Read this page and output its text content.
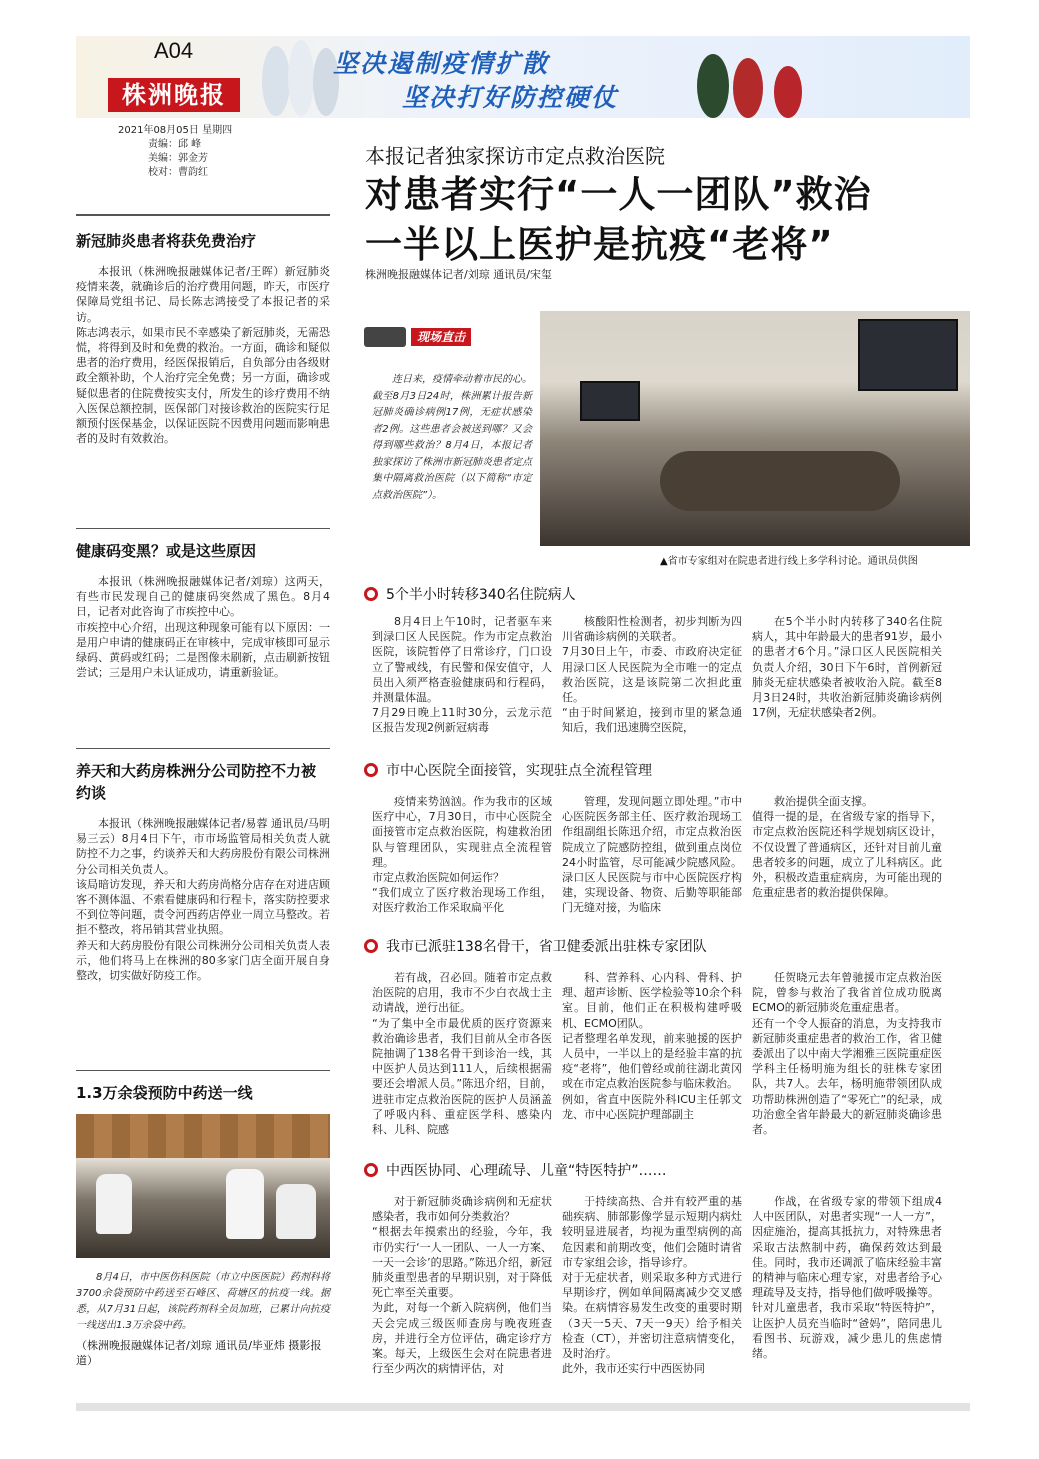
A04
株洲晚报
坚决遏制疫情扩散
坚决打好防控硬仗
2021年08月05日 星期四
责编：邱 峰
美编：郭金芳
校对：曹韵红
本报记者独家探访市定点救治医院
对患者实行“一人一团队”救治
一半以上医护是抗疫“老将”
株洲晚报融媒体记者/刘琼 通讯员/宋玺
新冠肺炎患者将获免费治疗
本报讯（株洲晚报融媒体记者/王晖）新冠肺炎疫情来袭，就确诊后的治疗费用问题，昨天，市医疗保障局党组书记、局长陈志鸿接受了本报记者的采访。
陈志鸿表示，如果市民不幸感染了新冠肺炎，无需恐慌，将得到及时和免费的救治。一方面，确诊和疑似患者的治疗费用，经医保报销后，自负部分由各级财政全额补助，个人治疗完全免费；另一方面，确诊或疑似患者的住院费按实支付，所发生的诊疗费用不纳入医保总额控制，医保部门对接诊救治的医院实行足额预付医保基金，以保证医院不因费用问题而影响患者的及时有效救治。
健康码变黑？或是这些原因
本报讯（株洲晚报融媒体记者/刘琼）这两天，有些市民发现自己的健康码突然成了黑色。8月4日，记者对此咨询了市疾控中心。
市疾控中心介绍，出现这种现象可能有以下原因：一是用户申请的健康码正在审核中，完成审核即可显示绿码、黄码或红码；二是图像未刷新，点击刷新按钮尝试；三是用户未认证成功，请重新验证。
养天和大药房株洲分公司防控不力被约谈
本报讯（株洲晚报融媒体记者/易蓉 通讯员/马明 易三云）8月4日下午，市市场监管局相关负责人就防控不力之事，约谈养天和大药房股份有限公司株洲分公司相关负责人。
该局暗访发现，养天和大药房尚格分店存在对进店顾客不测体温、不索看健康码和行程卡，落实防控要求不到位等问题，责令河西药店停业一周立马整改。若拒不整改，将吊销其营业执照。
养天和大药房股份有限公司株洲分公司相关负责人表示，他们将马上在株洲的80多家门店全面开展自身整改，切实做好防疫工作。
1.3万余袋预防中药送一线
8月4日，市中医伤科医院（市立中医医院）药剂科将3700余袋预防中药送至石峰区、荷塘区的抗疫一线。据悉，从7月31日起，该院药剂科全员加班，已累计向抗疫一线送出1.3万余袋中药。
（株洲晚报融媒体记者/刘琼 通讯员/毕亚炜 摄影报道）
现场直击
连日来，疫情牵动着市民的心。截至8月3日24时，株洲累计报告新冠肺炎确诊病例17例，无症状感染者2例。这些患者会被送到哪？又会得到哪些救治？8月4日，本报记者独家探访了株洲市新冠肺炎患者定点集中隔离救治医院（以下简称“市定点救治医院”）。
▲省市专家组对在院患者进行线上多学科讨论。通讯员供图
5个半小时转移340名住院病人
8月4日上午10时，记者驱车来到渌口区人民医院。作为市定点救治医院，该院暂停了日常诊疗，门口设立了警戒线，有民警和保安值守，人员出入须严格查验健康码和行程码，并测量体温。
7月29日晚上11时30分，云龙示范区报告发现2例新冠病毒
核酸阳性检测者，初步判断为四川省确诊病例的关联者。
7月30日上午，市委、市政府决定征用渌口区人民医院为全市唯一的定点救治医院，这是该院第二次担此重任。
“由于时间紧迫，接到市里的紧急通知后，我们迅速腾空医院，
在5个半小时内转移了340名住院病人，其中年龄最大的患者91岁，最小的患者才6个月。”渌口区人民医院相关负责人介绍，30日下午6时，首例新冠肺炎无症状感染者被收治入院。截至8月3日24时，共收治新冠肺炎确诊病例17例，无症状感染者2例。
市中心医院全面接管，实现驻点全流程管理
疫情来势汹汹。作为我市的区域医疗中心，7月30日，市中心医院全面接管市定点救治医院，构建救治团队与管理团队，实现驻点全流程管理。
市定点救治医院如何运作？
“我们成立了医疗救治现场工作组，对医疗救治工作采取扁平化
管理，发现问题立即处理。”市中心医院医务部主任、医疗救治现场工作组副组长陈迅介绍，市定点救治医院成立了院感防控组，做到重点岗位24小时监管，尽可能减少院感风险。渌口区人民医院与市中心医院医疗构建，实现设备、物资、后勤等职能部门无缝对接，为临床
救治提供全面支撑。
值得一提的是，在省级专家的指导下，市定点救治医院还科学规划病区设计，不仅设置了普通病区，还针对目前儿童患者较多的问题，成立了儿科病区。此外，积极改造重症病房，为可能出现的危重症患者的救治提供保障。
我市已派驻138名骨干，省卫健委派出驻株专家团队
若有战，召必回。随着市定点救治医院的启用，我市不少白衣战士主动请战，逆行出征。
“为了集中全市最优质的医疗资源来救治确诊患者，我们目前从全市各医院抽调了138名骨干到诊治一线，其中医护人员达到111人，后续根据需要还会增派人员。”陈迅介绍，目前，进驻市定点救治医院的医护人员涵盖了呼吸内科、重症医学科、感染内科、儿科、院感
科、营养科、心内科、骨科、护理、超声诊断、医学检验等10余个科室。目前，他们正在积极构建呼吸机、ECMO团队。
记者整理名单发现，前来驰援的医护人员中，一半以上的是经验丰富的抗疫“老将”，他们曾经或前往湖北黄冈或在市定点救治医院参与临床救治。
例如，省直中医院外科ICU主任郭文龙、市中心医院护理部副主
任贺晓元去年曾驰援市定点救治医院，曾参与救治了我省首位成功脱离ECMO的新冠肺炎危重症患者。
还有一个令人振奋的消息，为支持我市新冠肺炎重症患者的救治工作，省卫健委派出了以中南大学湘雅三医院重症医学科主任杨明施为组长的驻株专家团队，共7人。去年，杨明施带领团队成功帮助株洲创造了“零死亡”的纪录，成功治愈全省年龄最大的新冠肺炎确诊患者。
中西医协同、心理疏导、儿童“特医特护”……
对于新冠肺炎确诊病例和无症状感染者，我市如何分类救治？
“根据去年摸索出的经验，今年，我市仍实行‘一人一团队、一人一方案、一天一会诊’的思路。”陈迅介绍，新冠肺炎重型患者的早期识别，对于降低死亡率至关重要。
为此，对每一个新入院病例，他们当天会完成三级医师查房与晚夜班查房，并进行全方位评估，确定诊疗方案。每天，上级医生会对在院患者进行至少两次的病情评估，对
于持续高热、合并有较严重的基础疾病、肺部影像学显示短期内病灶较明显进展者，均视为重型病例的高危因素和前期改变，他们会随时请省市专家组会诊，指导诊疗。
对于无症状者，则采取多种方式进行早期诊疗，例如单间隔离减少交叉感染。在病情容易发生改变的重要时期（3天一5天、7天一9天）给予相关检查（CT），并密切注意病情变化，及时治疗。
此外，我市还实行中西医协同
作战，在省级专家的带领下组成4人中医团队，对患者实现“一人一方”，因症施治，提高其抵抗力，对特殊患者采取古法熬制中药，确保药效达到最佳。同时，我市还调派了临床经验丰富的精神与临床心理专家，对患者给予心理疏导及支持，指导他们做呼吸操等。
针对儿童患者，我市采取“特医特护”，让医护人员充当临时“爸妈”，陪同患儿看图书、玩游戏，减少患儿的焦虑情绪。
